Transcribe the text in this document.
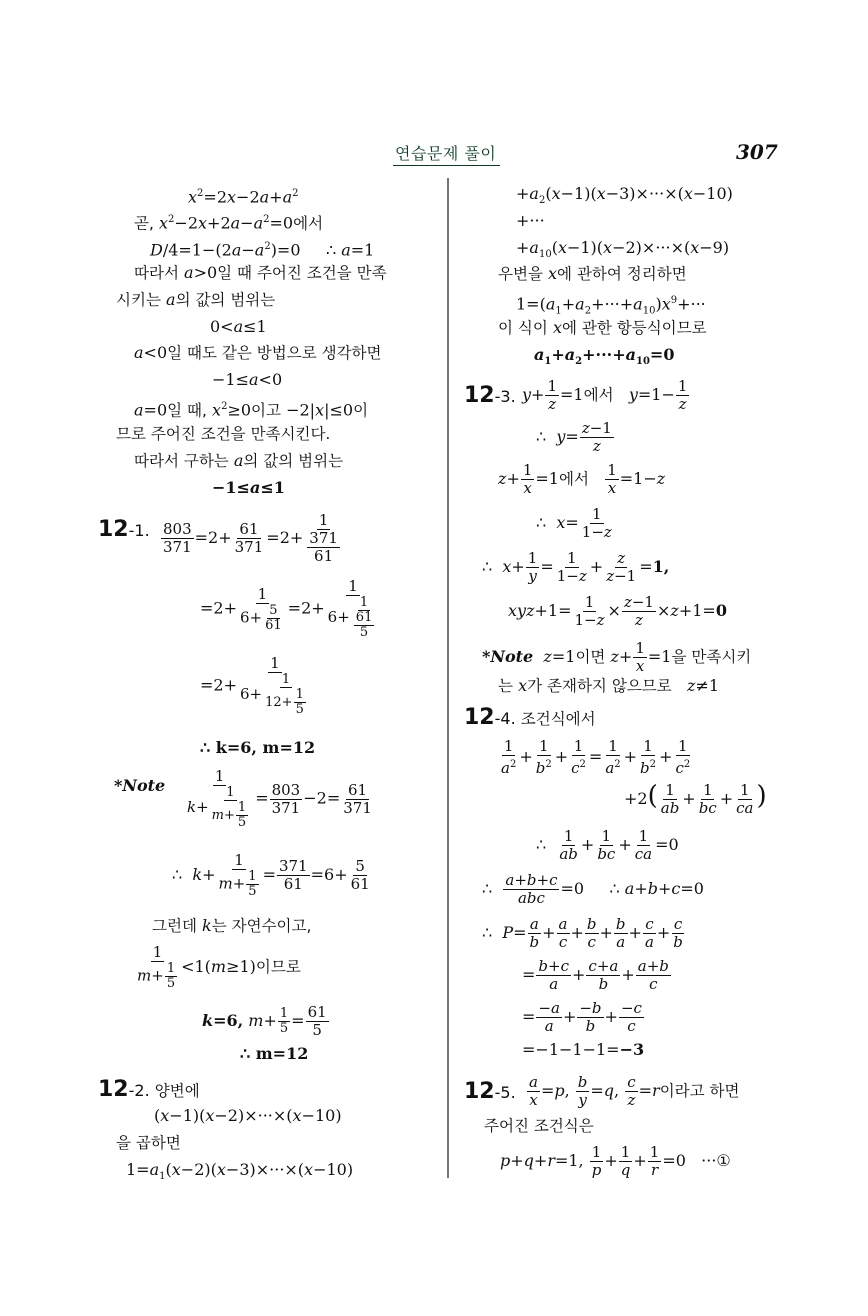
연습문제 풀이	307
$x^2=2x-2a+a^2$
곧, $x^2-2x+2a-a^2=0$에서
$D/4=1-(2a-a^2)=0$     ∴ a=1
따라서 a>0일 때 주어진 조건을 만족
시키는 a의 값의 범위는
0<a≤1
a<0일 때도 같은 방법으로 생각하면
−1≤a<0
a=0일 때, $x^2\ge 0$이고 −2|x|≤0이
므로 주어진 조건을 만족시킨다.
따라서 구하는 a의 값의 범위는
−1≤a≤1
12-1. $\frac{803}{371} =2+ \frac{61}{371} =2+ \frac{1}{\frac{371}{61}}$
$=2+ \frac{1}{6+ \frac{5}{61}} =2+ \frac{1}{6+ \frac{1}{\frac{61}{5}}}$
$=2+ \frac{1}{6+ \frac{1}{12+ \frac{1}{5}}}$
∴ k=6, m=12
*Note $\frac{1}{k+ \frac{1}{m+ \frac{1}{5}}} = \frac{803}{371} -2= \frac{61}{371}$
∴  $k+ \frac{1}{m+ \frac{1}{5}} = \frac{371}{61} =6+ \frac{5}{61}$
그런데 k는 자연수이고,
$\frac{1}{m+ \frac{1}{5}} <1(m\ge 1)$이므로
k=6, $m+ \frac{1}{5} = \frac{61}{5}$
∴ m=12
12-2. 양변에
(x−1)(x−2)×···×(x−10)
을 곱하면
$1=a_1(x-2)(x-3)\times\cdot\cdot\cdot\times(x-10)$
$+a_2(x-1)(x-3)\times\cdot\cdot\cdot\times(x-10)$
+···
$+a_{10}(x-1)(x-2)\times\cdot\cdot\cdot\times(x-9)$
우변을 x에 관하여 정리하면
$1=(a_1+a_2+\cdot\cdot\cdot+a_{10})x^9+\cdot\cdot\cdot$
이 식이 x에 관한 항등식이므로
$a_1+a_2+\cdot\cdot\cdot+a_{10}=0$
12-3. $y+ \frac{1}{z} =1$에서 $y=1- \frac{1}{z}$
∴  $y= \frac{z-1}{z}$
$z+ \frac{1}{x} =1$에서 $\frac{1}{x} =1-z$
∴  $x= \frac{1}{1-z}$
∴  $x+ \frac{1}{y} = \frac{1}{1-z} + \frac{z}{z-1} =1$,
$xyz+1= \frac{1}{1-z} \times \frac{z-1}{z} \times z+1=0$
*Note z=1이면 $z+ \frac{1}{x} =1$을 만족시키
는 x가 존재하지 않으므로 z≠1
12-4. 조건식에서
$\frac{1}{a^2} + \frac{1}{b^2} + \frac{1}{c^2} = \frac{1}{a^2} + \frac{1}{b^2} + \frac{1}{c^2}$
$+2( \frac{1}{ab} + \frac{1}{bc} + \frac{1}{ca}$ )
∴ $\frac{1}{ab} + \frac{1}{bc} + \frac{1}{ca} =0$
∴ $\frac{a+b+c}{\text{abc}} =0$     ∴ a+b+c=0
∴  $P= \frac{a}{b} + \frac{a}{c} + \frac{b}{c} + \frac{b}{a} + \frac{c}{a} + \frac{c}{b}$
= $\frac{b+c}{a} + \frac{c+a}{b} + \frac{a+b}{c}$
= $\frac{-a}{a} + \frac{-b}{b} + \frac{-c}{c}$
=−1−1−1=−3
12-5. $\frac{a}{x} =p$, $\frac{b}{y} =q$, $\frac{c}{z} =r$이라고 하면
주어진 조건식은
p+q+r=1, $\frac{1}{p} + \frac{1}{q} + \frac{1}{r} =0$   ···①
